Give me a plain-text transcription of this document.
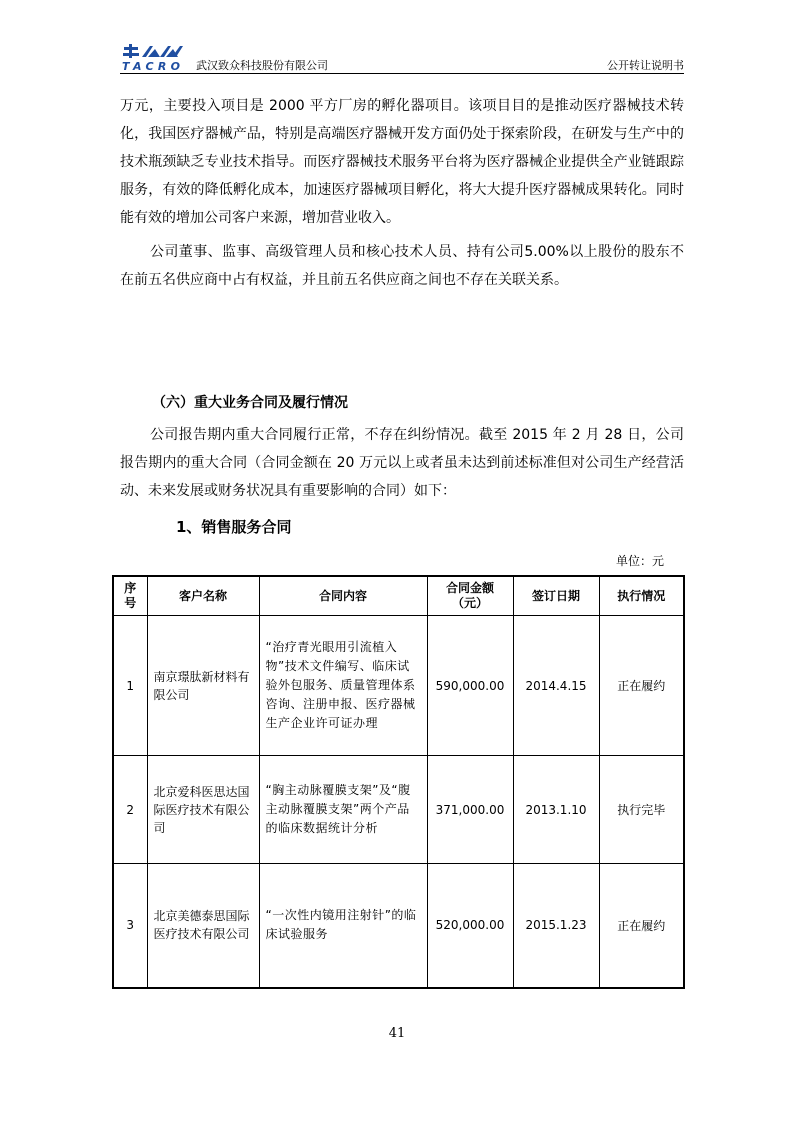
TACRO 武汉致众科技股份有限公司	公开转让说明书

万元，主要投入项目是 2000 平方厂房的孵化器项目。该项目目的是推动医疗器械技术转化，我国医疗器械产品，特别是高端医疗器械开发方面仍处于探索阶段，在研发与生产中的技术瓶颈缺乏专业技术指导。而医疗器械技术服务平台将为医疗器械企业提供全产业链跟踪服务，有效的降低孵化成本，加速医疗器械项目孵化，将大大提升医疗器械成果转化。同时能有效的增加公司客户来源，增加营业收入。

公司董事、监事、高级管理人员和核心技术人员、持有公司5.00%以上股份的股东不在前五名供应商中占有权益，并且前五名供应商之间也不存在关联关系。

（六）重大业务合同及履行情况

公司报告期内重大合同履行正常，不存在纠纷情况。截至 2015 年 2 月 28 日，公司报告期内的重大合同（合同金额在 20 万元以上或者虽未达到前述标准但对公司生产经营活动、未来发展或财务状况具有重要影响的合同）如下：

1、销售服务合同
单位：元
序号	客户名称	合同内容	合同金额（元）	签订日期	执行情况
1	南京璟肽新材料有限公司	“治疗青光眼用引流植入物”技术文件编写、临床试验外包服务、质量管理体系咨询、注册申报、医疗器械生产企业许可证办理	590,000.00	2014.4.15	正在履约
2	北京爱科医思达国际医疗技术有限公司	“胸主动脉覆膜支架”及“腹主动脉覆膜支架”两个产品的临床数据统计分析	371,000.00	2013.1.10	执行完毕
3	北京美德泰思国际医疗技术有限公司	“一次性内镜用注射针”的临床试验服务	520,000.00	2015.1.23	正在履约
41
